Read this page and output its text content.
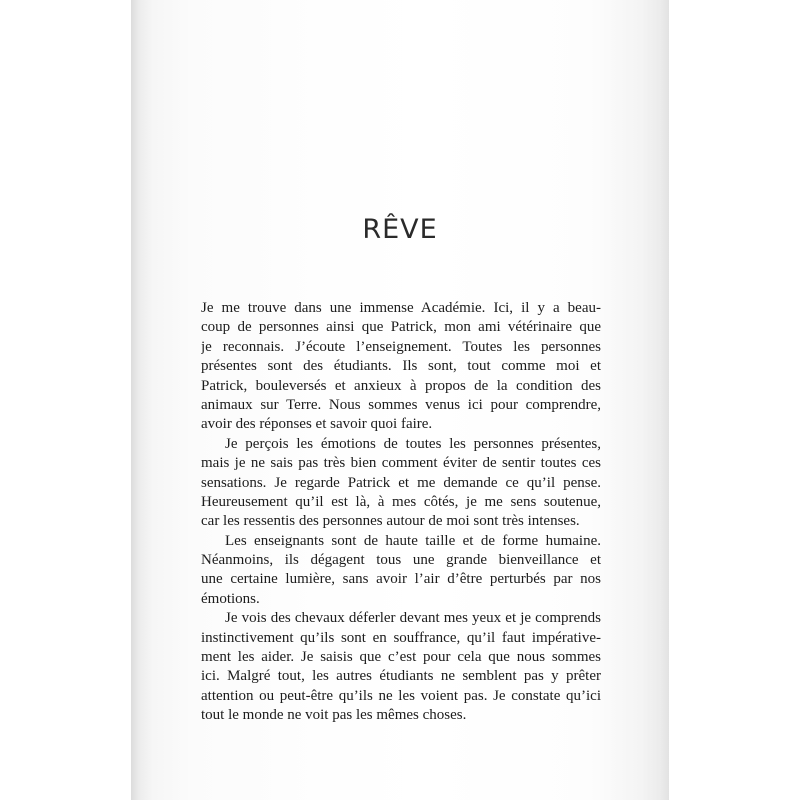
RÊVE

Je me trouve dans une immense Académie. Ici, il y a beau-
coup de personnes ainsi que Patrick, mon ami vétérinaire que
je reconnais. J’écoute l’enseignement. Toutes les personnes
présentes sont des étudiants. Ils sont, tout comme moi et
Patrick, bouleversés et anxieux à propos de la condition des
animaux sur Terre. Nous sommes venus ici pour comprendre,
avoir des réponses et savoir quoi faire.

Je perçois les émotions de toutes les personnes présentes,
mais je ne sais pas très bien comment éviter de sentir toutes ces
sensations. Je regarde Patrick et me demande ce qu’il pense.
Heureusement qu’il est là, à mes côtés, je me sens soutenue,
car les ressentis des personnes autour de moi sont très intenses.

Les enseignants sont de haute taille et de forme humaine.
Néanmoins, ils dégagent tous une grande bienveillance et
une certaine lumière, sans avoir l’air d’être perturbés par nos
émotions.

Je vois des chevaux déferler devant mes yeux et je comprends
instinctivement qu’ils sont en souffrance, qu’il faut impérative-
ment les aider. Je saisis que c’est pour cela que nous sommes
ici. Malgré tout, les autres étudiants ne semblent pas y prêter
attention ou peut-être qu’ils ne les voient pas. Je constate qu’ici
tout le monde ne voit pas les mêmes choses.
